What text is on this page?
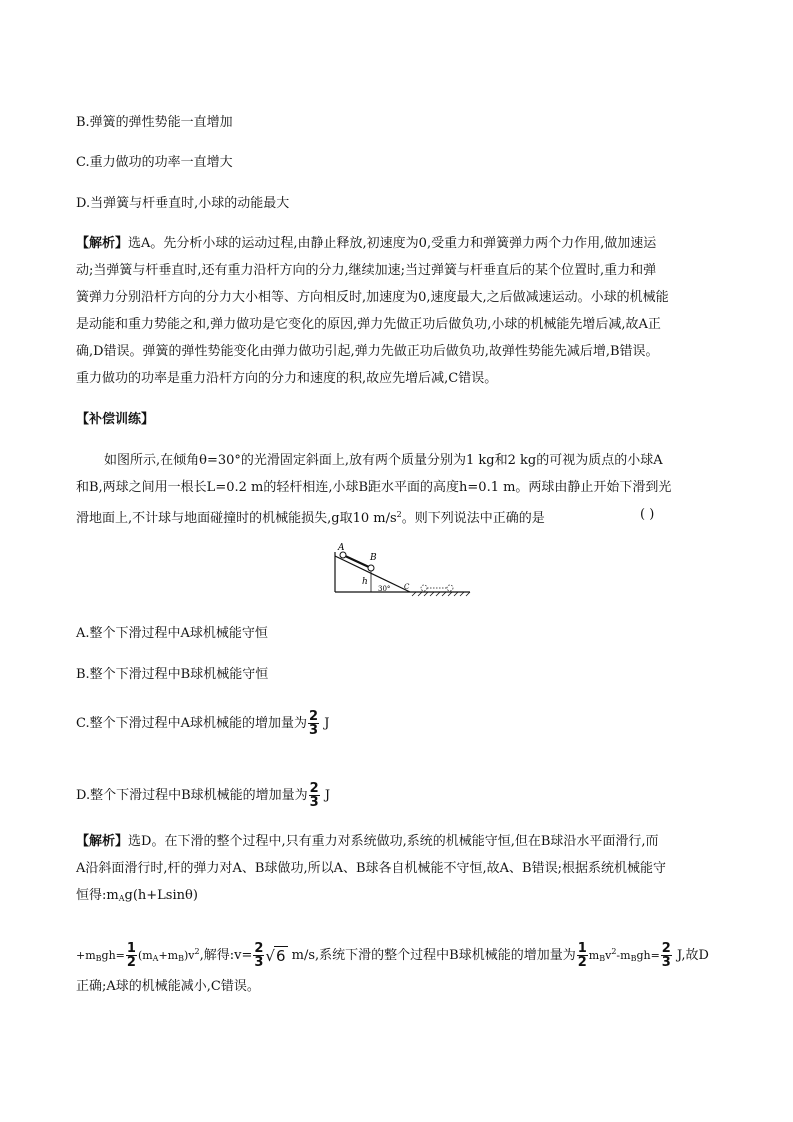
B.弹簧的弹性势能一直增加
C.重力做功的功率一直增大
D.当弹簧与杆垂直时,小球的动能最大
【解析】选A。先分析小球的运动过程,由静止释放,初速度为0,受重力和弹簧弹力两个力作用,做加速运
动;当弹簧与杆垂直时,还有重力沿杆方向的分力,继续加速;当过弹簧与杆垂直后的某个位置时,重力和弹
簧弹力分别沿杆方向的分力大小相等、方向相反时,加速度为0,速度最大,之后做减速运动。小球的机械能
是动能和重力势能之和,弹力做功是它变化的原因,弹力先做正功后做负功,小球的机械能先增后减,故A正
确,D错误。弹簧的弹性势能变化由弹力做功引起,弹力先做正功后做负功,故弹性势能先减后增,B错误。
重力做功的功率是重力沿杆方向的分力和速度的积,故应先增后减,C错误。
【补偿训练】
如图所示,在倾角θ=30°的光滑固定斜面上,放有两个质量分别为1 kg和2 kg的可视为质点的小球A
和B,两球之间用一根长L=0.2 m的轻杆相连,小球B距水平面的高度h=0.1 m。两球由静止开始下滑到光
滑地面上,不计球与地面碰撞时的机械能损失,g取10 $m/s^2$。则下列说法中正确的是	( )
A
B
h
30° C
A.整个下滑过程中A球机械能守恒
B.整个下滑过程中B球机械能守恒
C.整个下滑过程中A球机械能的增加量为 $\frac{2}{3}$ J
D.整个下滑过程中B球机械能的增加量为 $\frac{2}{3}$ J
【解析】选D。在下滑的整个过程中,只有重力对系统做功,系统的机械能守恒,但在B球沿水平面滑行,而
A沿斜面滑行时,杆的弹力对A、B球做功,所以A、B球各自机械能不守恒,故A、B错误;根据系统机械能守
恒得$:m_Ag(h+Lsin\theta)$
$+m_Bgh= \frac{1}{2} (m_A+m_B)v^2$,解得:v= $\frac{2}{3} √6$ m/s,系统下滑的整个过程中B球机械能的增加量为 $\frac{1}{2} m_Bv^2-m_Bgh= \frac{2}{3} J$,故D
正确;A球的机械能减小,C错误。
